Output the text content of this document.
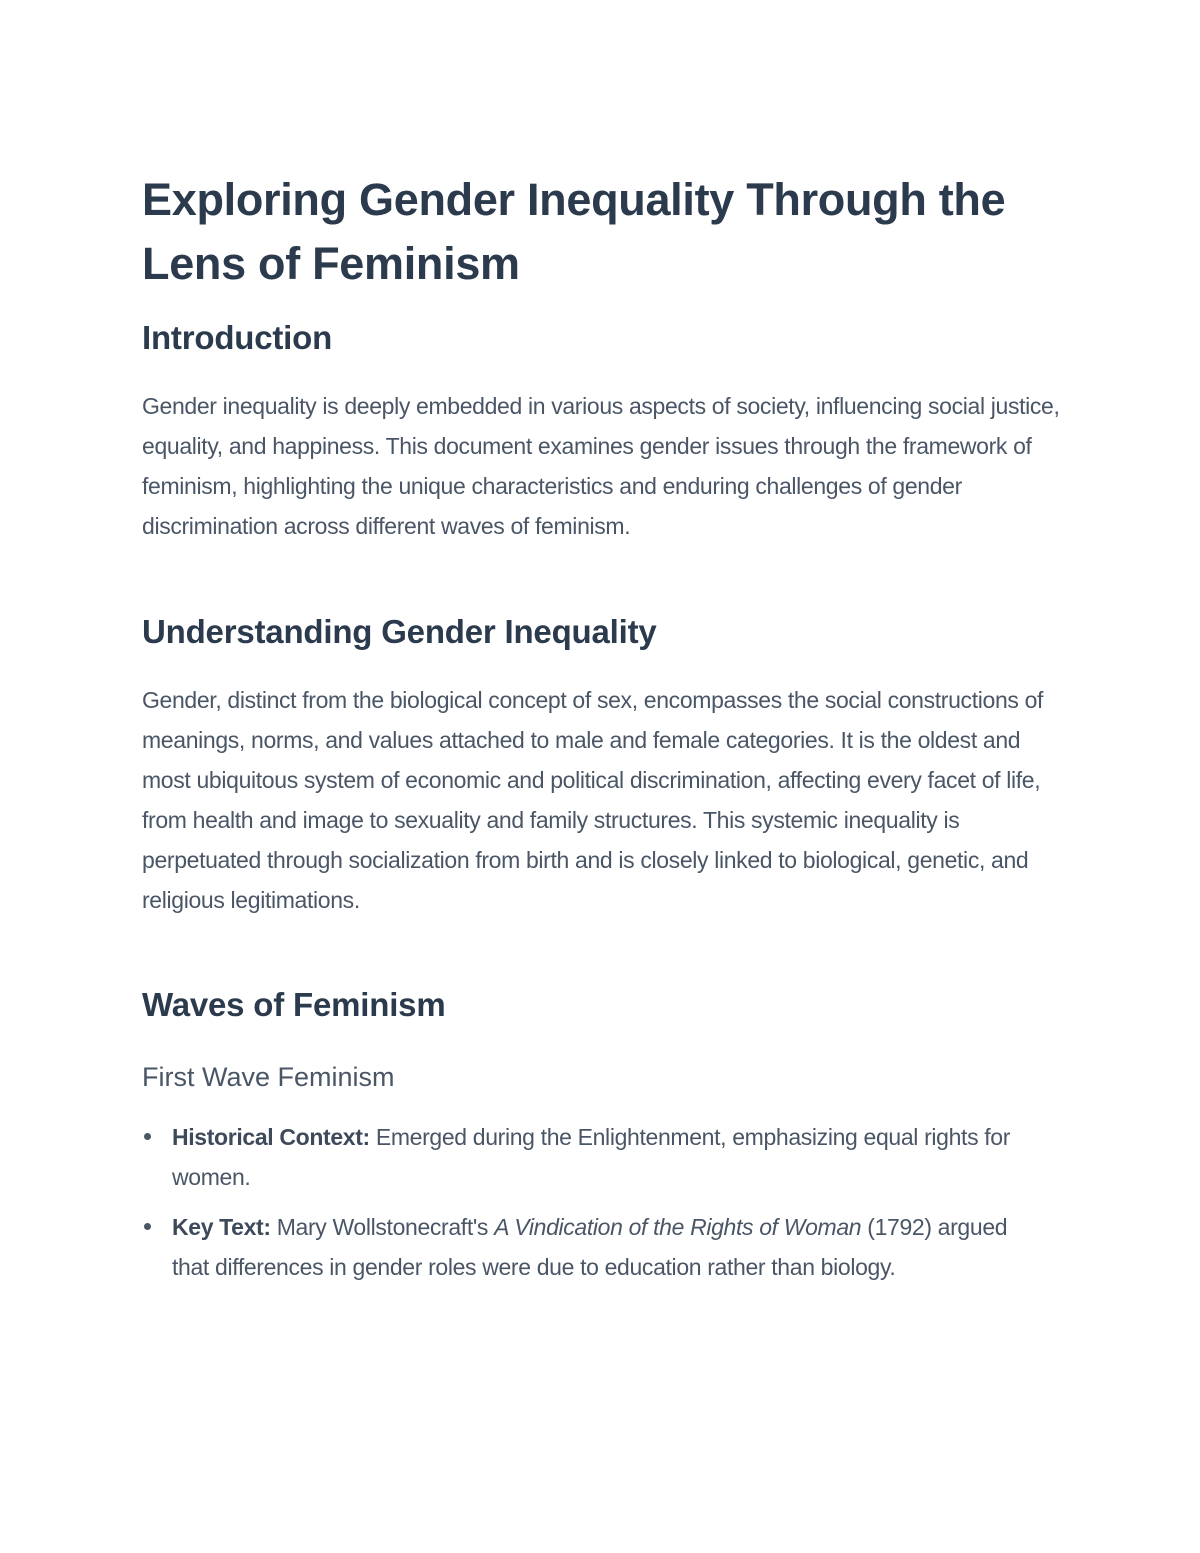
Exploring Gender Inequality Through the Lens of Feminism
Introduction

Gender inequality is deeply embedded in various aspects of society, influencing social justice, equality, and happiness. This document examines gender issues through the framework of feminism, highlighting the unique characteristics and enduring challenges of gender discrimination across different waves of feminism.

Understanding Gender Inequality

Gender, distinct from the biological concept of sex, encompasses the social constructions of meanings, norms, and values attached to male and female categories. It is the oldest and most ubiquitous system of economic and political discrimination, affecting every facet of life, from health and image to sexuality and family structures. This systemic inequality is perpetuated through socialization from birth and is closely linked to biological, genetic, and religious legitimations.

Waves of Feminism
First Wave Feminism
Historical Context: Emerged during the Enlightenment, emphasizing equal rights for women.
Key Text: Mary Wollstonecraft's A Vindication of the Rights of Woman (1792) argued that differences in gender roles were due to education rather than biology.
